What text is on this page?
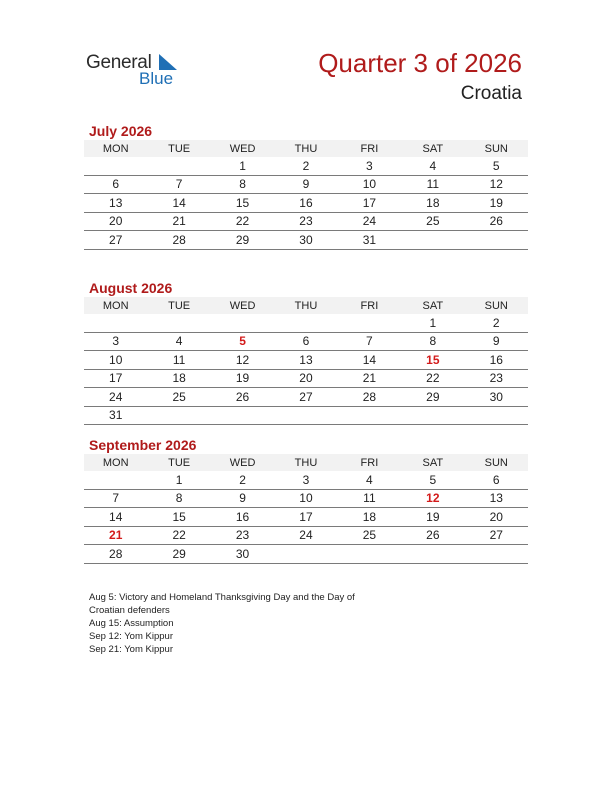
General
Blue
Quarter 3 of 2026
Croatia
July 2026
MON	TUE	WED	THU	FRI	SAT	SUN
		1	2	3	4	5
6	7	8	9	10	11	12
13	14	15	16	17	18	19
20	21	22	23	24	25	26
27	28	29	30	31		
August 2026
MON	TUE	WED	THU	FRI	SAT	SUN
					1	2
3	4	5	6	7	8	9
10	11	12	13	14	15	16
17	18	19	20	21	22	23
24	25	26	27	28	29	30
31						
September 2026
MON	TUE	WED	THU	FRI	SAT	SUN
	1	2	3	4	5	6
7	8	9	10	11	12	13
14	15	16	17	18	19	20
21	22	23	24	25	26	27
28	29	30				
Aug 5: Victory and Homeland Thanksgiving Day and the Day of Croatian defenders
Aug 15: Assumption
Sep 12: Yom Kippur
Sep 21: Yom Kippur
